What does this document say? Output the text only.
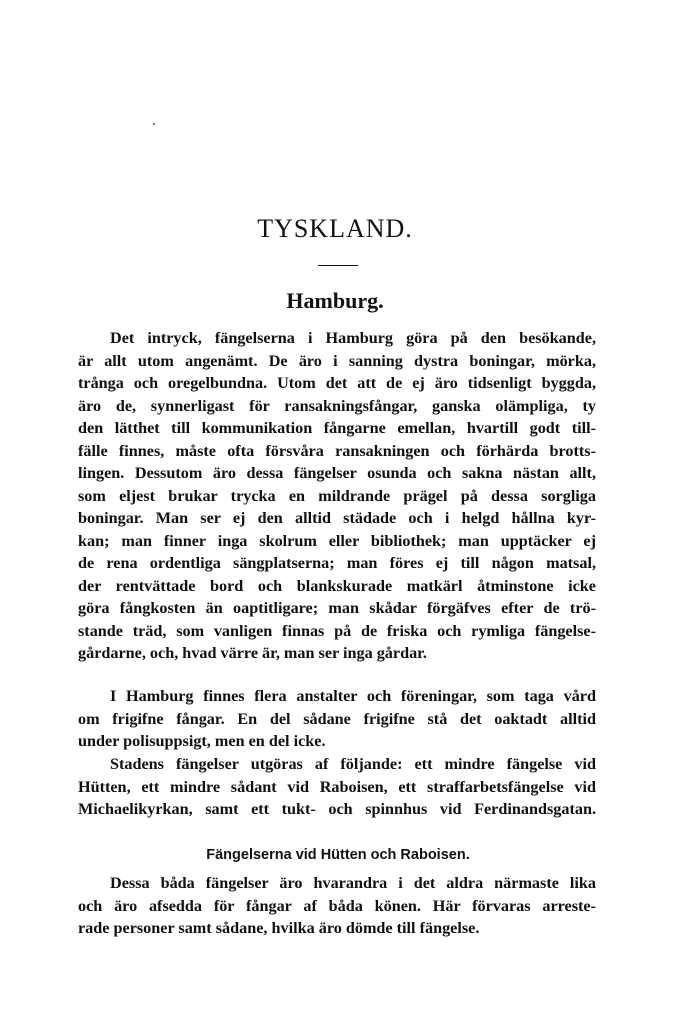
TYSKLAND.
Hamburg.

Det intryck, fängelserna i Hamburg göra på den besökande,
är allt utom angenämt. De äro i sanning dystra boningar, mörka,
trånga och oregelbundna. Utom det att de ej äro tidsenligt byggda,
äro de, synnerligast för ransakningsfångar, ganska olämpliga, ty
den lätthet till kommunikation fångarne emellan, hvartill godt till-
fälle finnes, måste ofta försvåra ransakningen och förhärda brotts-
lingen. Dessutom äro dessa fängelser osunda och sakna nästan allt,
som eljest brukar trycka en mildrande prägel på dessa sorgliga
boningar. Man ser ej den alltid städade och i helgd hållna kyr-
kan; man finner inga skolrum eller bibliothek; man upptäcker ej
de rena ordentliga sängplatserna; man föres ej till någon matsal,
der rentvättade bord och blankskurade matkärl åtminstone icke
göra fångkosten än oaptitligare; man skådar förgäfves efter de trö-
stande träd, som vanligen finnas på de friska och rymliga fängelse-
gårdarne, och, hvad värre är, man ser inga gårdar.

I Hamburg finnes flera anstalter och föreningar, som taga vård
om frigifne fångar. En del sådane frigifne stå det oaktadt alltid
under polisuppsigt, men en del icke.

Stadens fängelser utgöras af följande: ett mindre fängelse vid
Hütten, ett mindre sådant vid Raboisen, ett straffarbetsfängelse vid
Michaelikyrkan, samt ett tukt- och spinnhus vid Ferdinandsgatan.

Fängelserna vid Hütten och Raboisen.

Dessa båda fängelser äro hvarandra i det aldra närmaste lika
och äro afsedda för fångar af båda könen. Här förvaras arreste-
rade personer samt sådane, hvilka äro dömde till fängelse.
